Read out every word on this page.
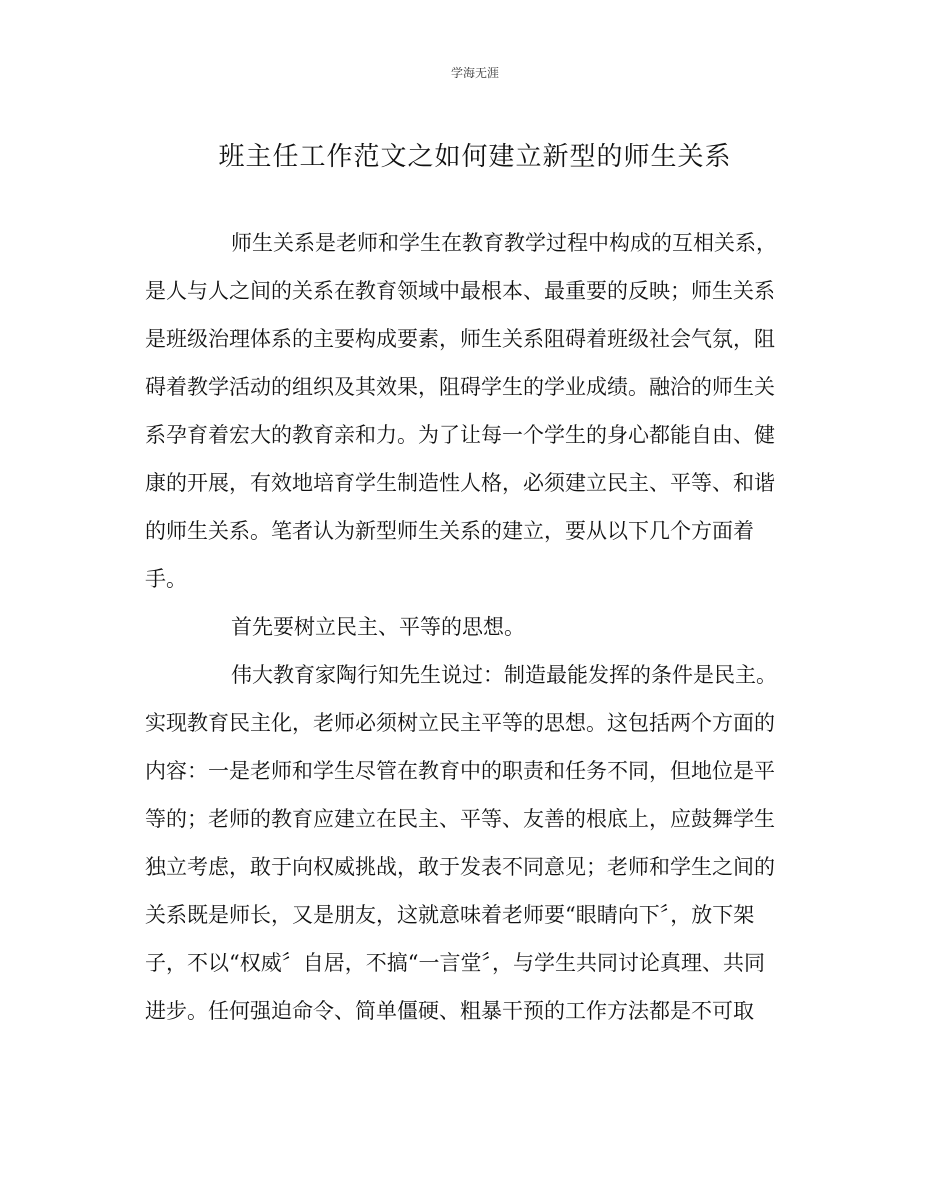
学海无涯
班主任工作范文之如何建立新型的师生关系
师生关系是老师和学生在教育教学过程中构成的互相关系，
是人与人之间的关系在教育领域中最根本、最重要的反映；师生关系
是班级治理体系的主要构成要素，师生关系阻碍着班级社会气氛，阻
碍着教学活动的组织及其效果，阻碍学生的学业成绩。融洽的师生关
系孕育着宏大的教育亲和力。为了让每一个学生的身心都能自由、健
康的开展，有效地培育学生制造性人格，必须建立民主、平等、和谐
的师生关系。笔者认为新型师生关系的建立，要从以下几个方面着
手。
首先要树立民主、平等的思想。
伟大教育家陶行知先生说过：制造最能发挥的条件是民主。
实现教育民主化，老师必须树立民主平等的思想。这包括两个方面的
内容：一是老师和学生尽管在教育中的职责和任务不同，但地位是平
等的；老师的教育应建立在民主、平等、友善的根底上，应鼓舞学生
独立考虑，敢于向权威挑战，敢于发表不同意见；老师和学生之间的
关系既是师长，又是朋友，这就意味着老师要“眼睛向下〞，放下架
子，不以“权威〞自居，不搞“一言堂〞，与学生共同讨论真理、共同
进步。任何强迫命令、简单僵硬、粗暴干预的工作方法都是不可取
